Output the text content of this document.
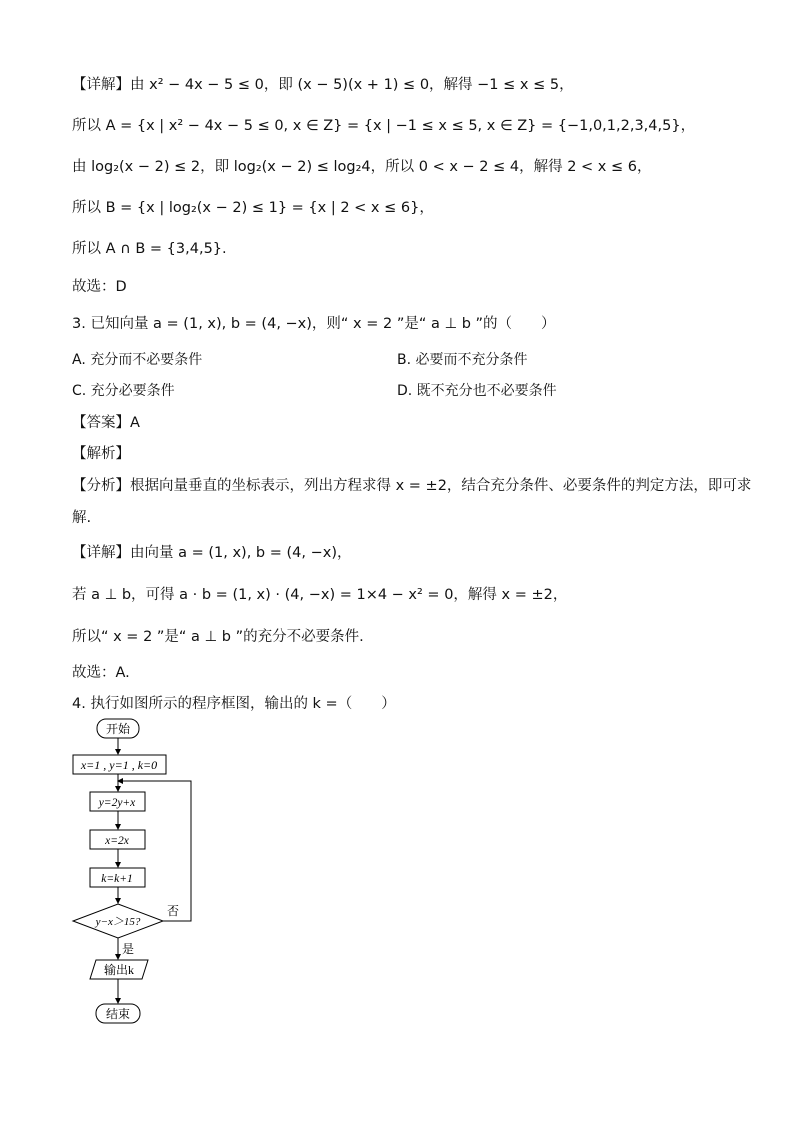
【详解】由 x² − 4x − 5 ≤ 0，即 (x − 5)(x + 1) ≤ 0，解得 −1 ≤ x ≤ 5，
所以 A = {x | x² − 4x − 5 ≤ 0, x ∈ Z} = {x | −1 ≤ x ≤ 5, x ∈ Z} = {−1,0,1,2,3,4,5}，
由 log₂(x − 2) ≤ 2，即 log₂(x − 2) ≤ log₂4，所以 0 < x − 2 ≤ 4，解得 2 < x ≤ 6，
所以 B = {x | log₂(x − 2) ≤ 1} = {x | 2 < x ≤ 6}，
所以 A ∩ B = {3,4,5}.
故选：D
3. 已知向量 a = (1, x), b = (4, −x)，则“ x = 2 ”是“ a ⊥ b ”的（　　）
A. 充分而不必要条件	B. 必要而不充分条件
C. 充分必要条件	D. 既不充分也不必要条件
【答案】A
【解析】
【分析】根据向量垂直的坐标表示，列出方程求得 x = ±2，结合充分条件、必要条件的判定方法，即可求
解.
【详解】由向量 a = (1, x), b = (4, −x)，
若 a ⊥ b，可得 a · b = (1, x) · (4, −x) = 1×4 − x² = 0，解得 x = ±2，
所以“ x = 2 ”是“ a ⊥ b ”的充分不必要条件.
故选：A.
4. 执行如图所示的程序框图，输出的 k =（　　）
开始
x=1 , y=1 , k=0
y=2y+x
x=2x
k=k+1
y−x＞15?
否
是
输出k
结束
